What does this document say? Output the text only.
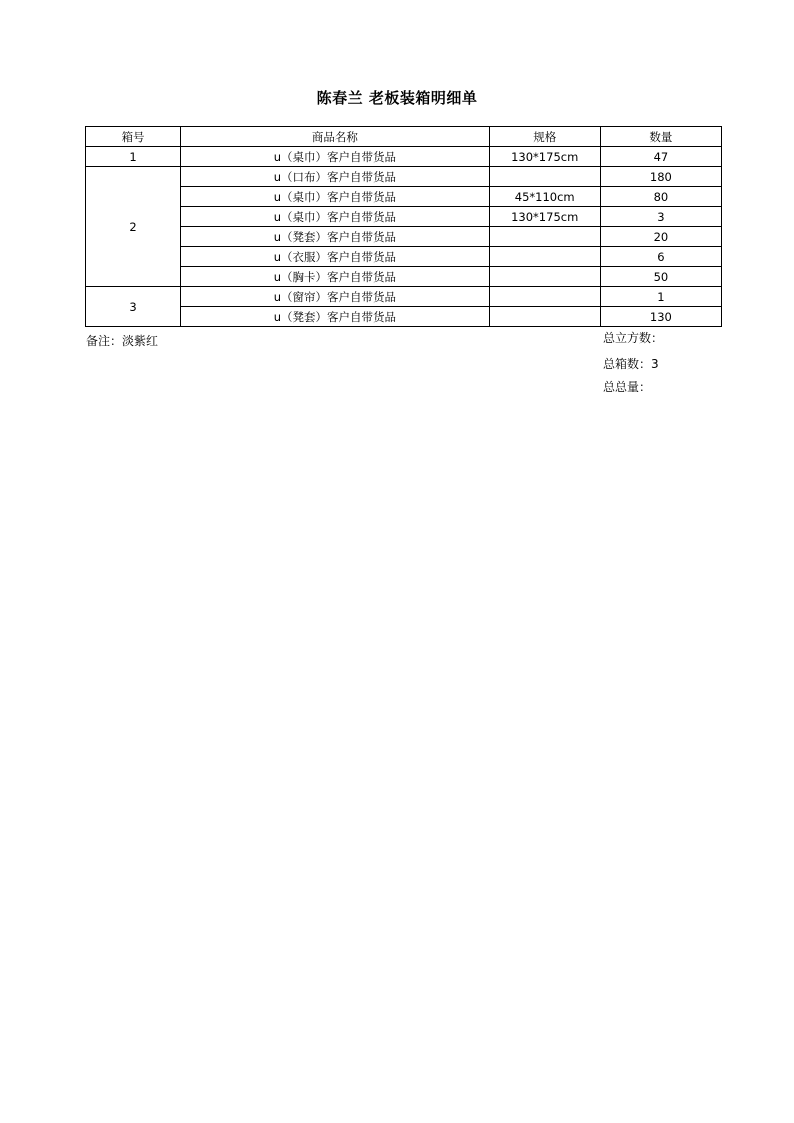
陈春兰 老板装箱明细单
箱号	商品名称	规格	数量
1	u（桌巾）客户自带货品	130*175cm	47
2	u（口布）客户自带货品		180
	u（桌巾）客户自带货品	45*110cm	80
	u（桌巾）客户自带货品	130*175cm	3
	u（凳套）客户自带货品		20
	u（衣服）客户自带货品		6
	u（胸卡）客户自带货品		50
3	u（窗帘）客户自带货品		1
	u（凳套）客户自带货品		130
备注：淡紫红	总立方数：
总箱数：3
总总量：
